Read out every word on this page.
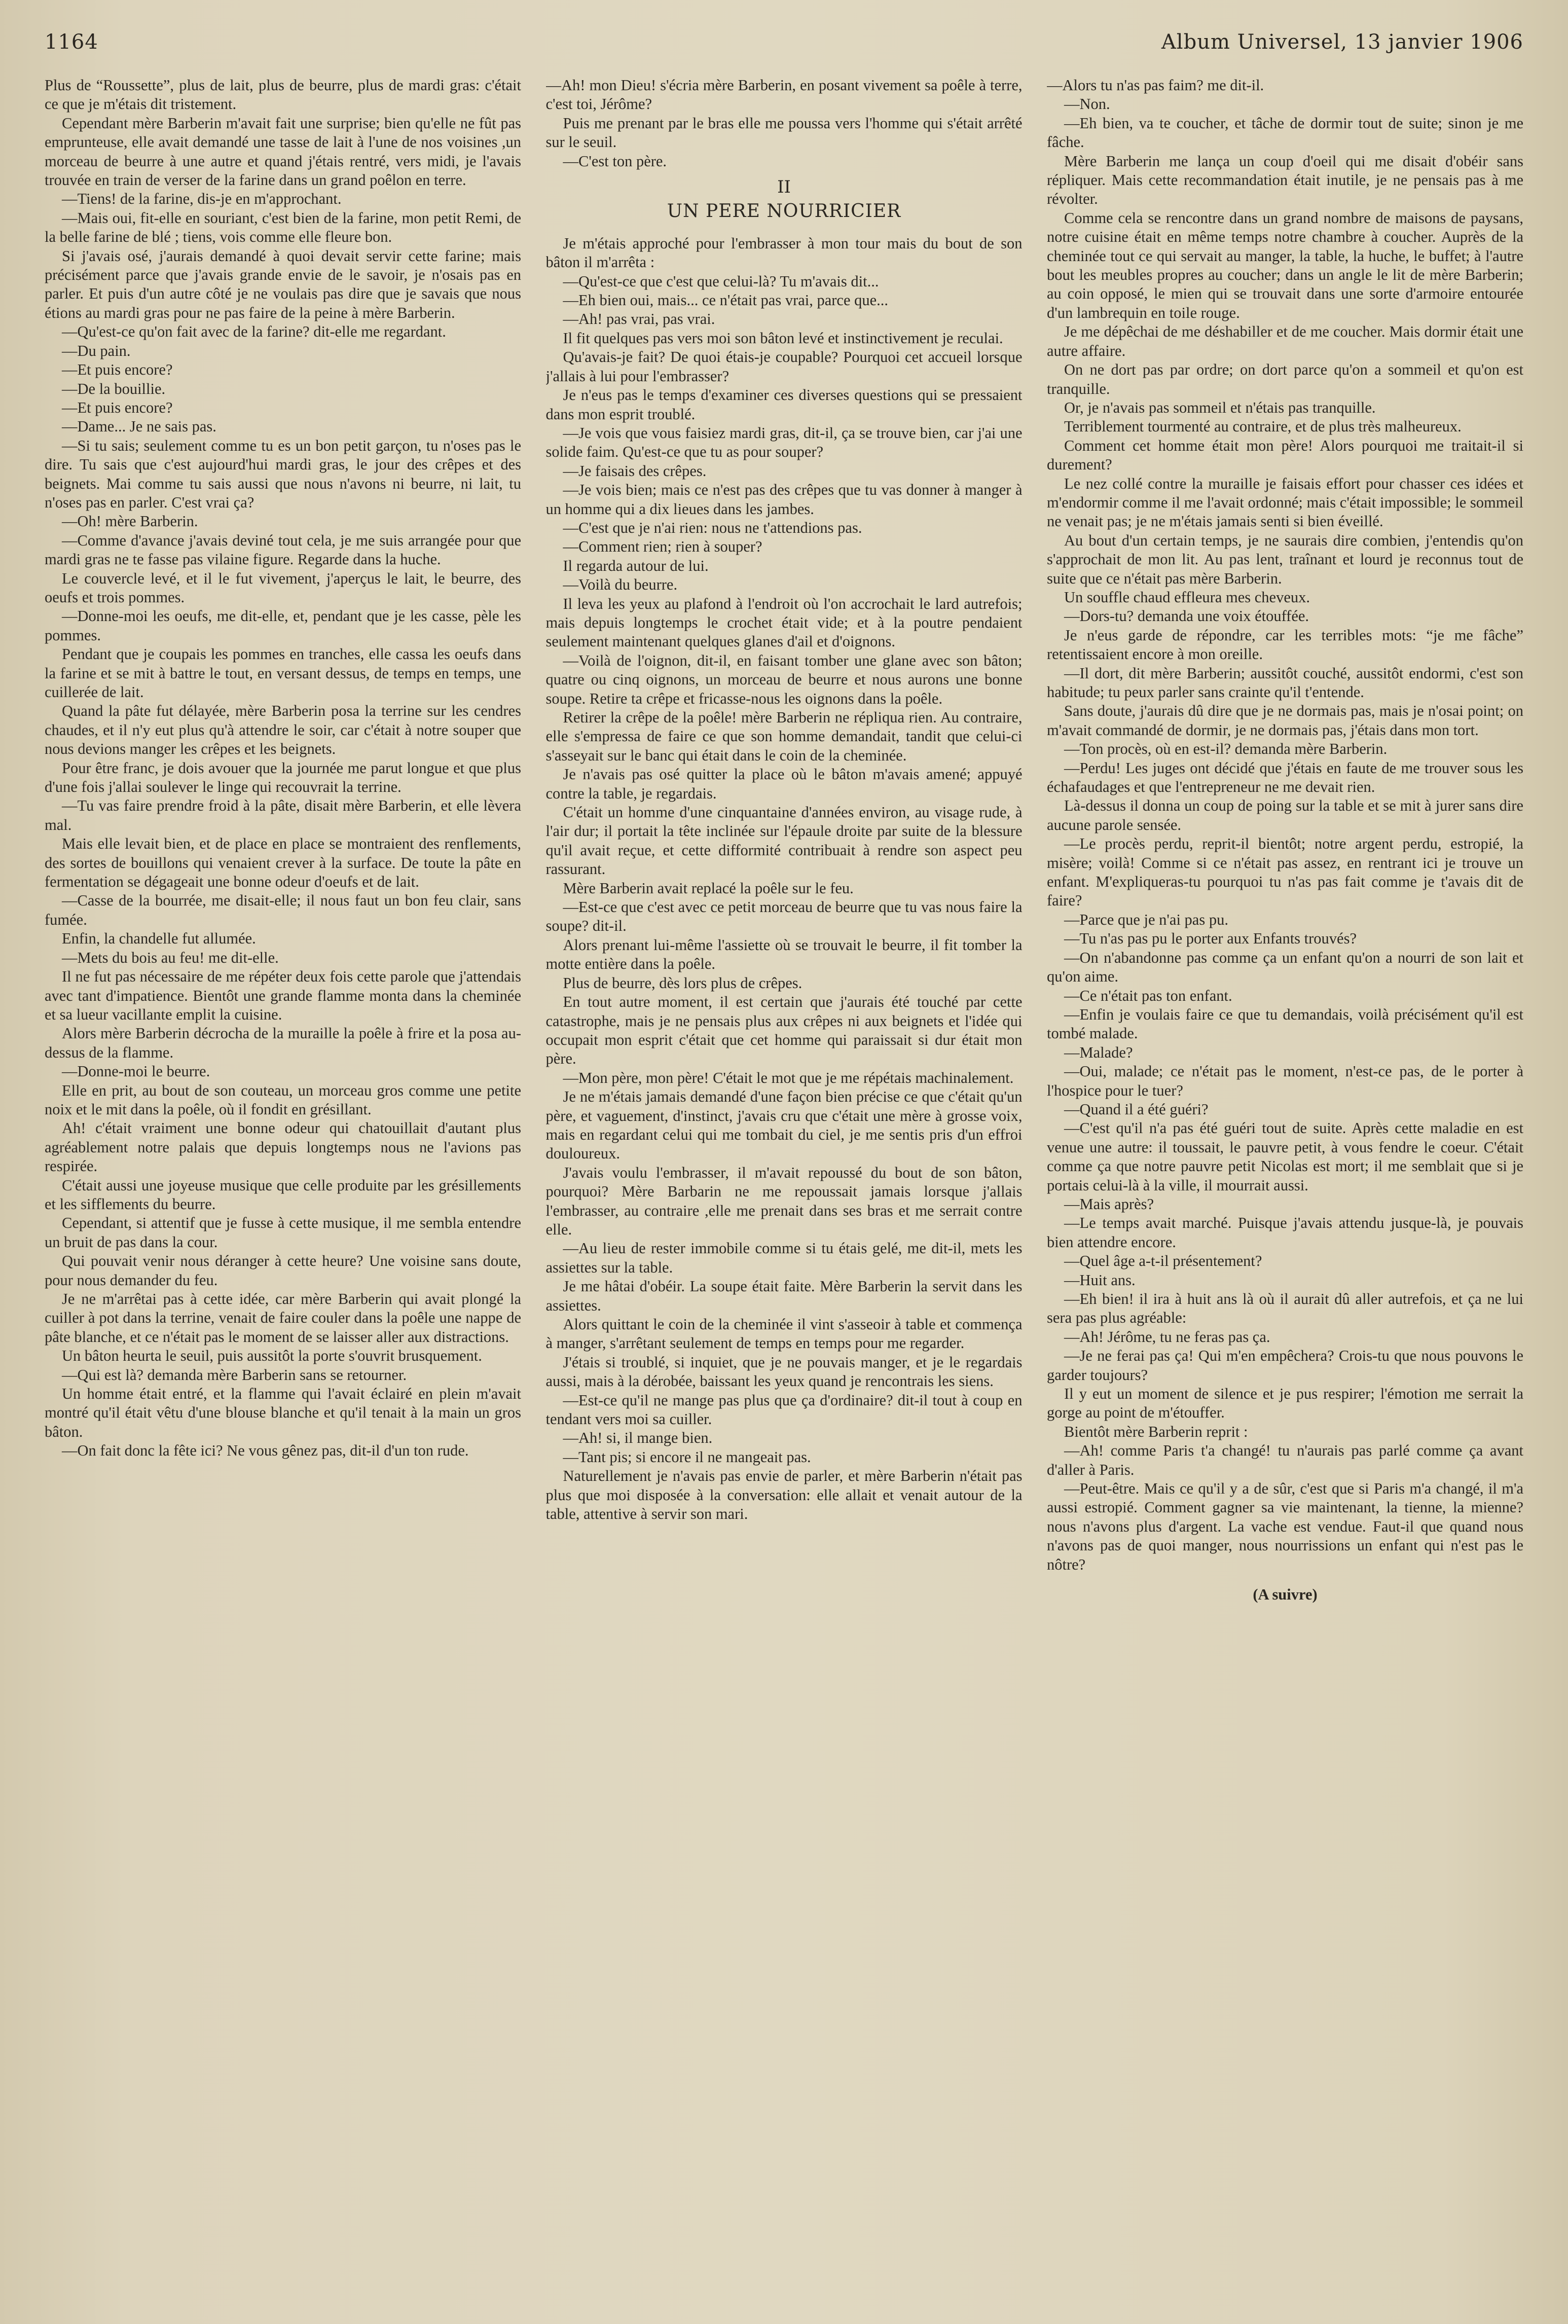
1164	Album Universel, 13 janvier 1906

Plus de “Roussette”, plus de lait, plus de beurre, plus de mardi gras: c'était ce que je m'étais dit tristement.

Cependant mère Barberin m'avait fait une surprise; bien qu'elle ne fût pas emprunteuse, elle avait demandé une tasse de lait à l'une de nos voisines ,un morceau de beurre à une autre et quand j'étais rentré, vers midi, je l'avais trouvée en train de verser de la farine dans un grand poêlon en terre.

—Tiens! de la farine, dis-je en m'approchant.

—Mais oui, fit-elle en souriant, c'est bien de la farine, mon petit Remi, de la belle farine de blé ; tiens, vois comme elle fleure bon.

Si j'avais osé, j'aurais demandé à quoi devait servir cette farine; mais précisément parce que j'avais grande envie de le savoir, je n'osais pas en parler. Et puis d'un autre côté je ne voulais pas dire que je savais que nous étions au mardi gras pour ne pas faire de la peine à mère Barberin.

—Qu'est-ce qu'on fait avec de la farine? dit-elle me regardant.

—Du pain.

—Et puis encore?

—De la bouillie.

—Et puis encore?

—Dame... Je ne sais pas.

—Si tu sais; seulement comme tu es un bon petit garçon, tu n'oses pas le dire. Tu sais que c'est aujourd'hui mardi gras, le jour des crêpes et des beignets. Mai comme tu sais aussi que nous n'avons ni beurre, ni lait, tu n'oses pas en parler. C'est vrai ça?

—Oh! mère Barberin.

—Comme d'avance j'avais deviné tout cela, je me suis arrangée pour que mardi gras ne te fasse pas vilaine figure. Regarde dans la huche.

Le couvercle levé, et il le fut vivement, j'aperçus le lait, le beurre, des oeufs et trois pommes.

—Donne-moi les oeufs, me dit-elle, et, pendant que je les casse, pèle les pommes.

Pendant que je coupais les pommes en tranches, elle cassa les oeufs dans la farine et se mit à battre le tout, en versant dessus, de temps en temps, une cuillerée de lait.

Quand la pâte fut délayée, mère Barberin posa la terrine sur les cendres chaudes, et il n'y eut plus qu'à attendre le soir, car c'était à notre souper que nous devions manger les crêpes et les beignets.

Pour être franc, je dois avouer que la journée me parut longue et que plus d'une fois j'allai soulever le linge qui recouvrait la terrine.

—Tu vas faire prendre froid à la pâte, disait mère Barberin, et elle lèvera mal.

Mais elle levait bien, et de place en place se montraient des renflements, des sortes de bouillons qui venaient crever à la surface. De toute la pâte en fermentation se dégageait une bonne odeur d'oeufs et de lait.

—Casse de la bourrée, me disait-elle; il nous faut un bon feu clair, sans fumée.

Enfin, la chandelle fut allumée.

—Mets du bois au feu! me dit-elle.

Il ne fut pas nécessaire de me répéter deux fois cette parole que j'attendais avec tant d'impatience. Bientôt une grande flamme monta dans la cheminée et sa lueur vacillante emplit la cuisine.

Alors mère Barberin décrocha de la muraille la poêle à frire et la posa au-dessus de la flamme.

—Donne-moi le beurre.

Elle en prit, au bout de son couteau, un morceau gros comme une petite noix et le mit dans la poêle, où il fondit en grésillant.

Ah! c'était vraiment une bonne odeur qui chatouillait d'autant plus agréablement notre palais que depuis longtemps nous ne l'avions pas respirée.

C'était aussi une joyeuse musique que celle produite par les grésillements et les sifflements du beurre.

Cependant, si attentif que je fusse à cette musique, il me sembla entendre un bruit de pas dans la cour.

Qui pouvait venir nous déranger à cette heure? Une voisine sans doute, pour nous demander du feu.

Je ne m'arrêtai pas à cette idée, car mère Barberin qui avait plongé la cuiller à pot dans la terrine, venait de faire couler dans la poêle une nappe de pâte blanche, et ce n'était pas le moment de se laisser aller aux distractions.

Un bâton heurta le seuil, puis aussitôt la porte s'ouvrit brusquement.

—Qui est là? demanda mère Barberin sans se retourner.

Un homme était entré, et la flamme qui l'avait éclairé en plein m'avait montré qu'il était vêtu d'une blouse blanche et qu'il tenait à la main un gros bâton.

—On fait donc la fête ici? Ne vous gênez pas, dit-il d'un ton rude.

—Ah! mon Dieu! s'écria mère Barberin, en posant vivement sa poêle à terre, c'est toi, Jérôme?

Puis me prenant par le bras elle me poussa vers l'homme qui s'était arrêté sur le seuil.

—C'est ton père.

II

UN PERE NOURRICIER

Je m'étais approché pour l'embrasser à mon tour mais du bout de son bâton il m'arrêta :

—Qu'est-ce que c'est que celui-là? Tu m'avais dit...

—Eh bien oui, mais... ce n'était pas vrai, parce que...

—Ah! pas vrai, pas vrai.

Il fit quelques pas vers moi son bâton levé et instinctivement je reculai.

Qu'avais-je fait? De quoi étais-je coupable? Pourquoi cet accueil lorsque j'allais à lui pour l'embrasser?

Je n'eus pas le temps d'examiner ces diverses questions qui se pressaient dans mon esprit troublé.

—Je vois que vous faisiez mardi gras, dit-il, ça se trouve bien, car j'ai une solide faim. Qu'est-ce que tu as pour souper?

—Je faisais des crêpes.

—Je vois bien; mais ce n'est pas des crêpes que tu vas donner à manger à un homme qui a dix lieues dans les jambes.

—C'est que je n'ai rien: nous ne t'attendions pas.

—Comment rien; rien à souper?

Il regarda autour de lui.

—Voilà du beurre.

Il leva les yeux au plafond à l'endroit où l'on accrochait le lard autrefois; mais depuis longtemps le crochet était vide; et à la poutre pendaient seulement maintenant quelques glanes d'ail et d'oignons.

—Voilà de l'oignon, dit-il, en faisant tomber une glane avec son bâton; quatre ou cinq oignons, un morceau de beurre et nous aurons une bonne soupe. Retire ta crêpe et fricasse-nous les oignons dans la poêle.

Retirer la crêpe de la poêle! mère Barberin ne répliqua rien. Au contraire, elle s'empressa de faire ce que son homme demandait, tandit que celui-ci s'asseyait sur le banc qui était dans le coin de la cheminée.

Je n'avais pas osé quitter la place où le bâton m'avais amené; appuyé contre la table, je regardais.

C'était un homme d'une cinquantaine d'années environ, au visage rude, à l'air dur; il portait la tête inclinée sur l'épaule droite par suite de la blessure qu'il avait reçue, et cette difformité contribuait à rendre son aspect peu rassurant.

Mère Barberin avait replacé la poêle sur le feu.

—Est-ce que c'est avec ce petit morceau de beurre que tu vas nous faire la soupe? dit-il.

Alors prenant lui-même l'assiette où se trouvait le beurre, il fit tomber la motte entière dans la poêle.

Plus de beurre, dès lors plus de crêpes.

En tout autre moment, il est certain que j'aurais été touché par cette catastrophe, mais je ne pensais plus aux crêpes ni aux beignets et l'idée qui occupait mon esprit c'était que cet homme qui paraissait si dur était mon père.

—Mon père, mon père! C'était le mot que je me répétais machinalement.

Je ne m'étais jamais demandé d'une façon bien précise ce que c'était qu'un père, et vaguement, d'instinct, j'avais cru que c'était une mère à grosse voix, mais en regardant celui qui me tombait du ciel, je me sentis pris d'un effroi douloureux.

J'avais voulu l'embrasser, il m'avait repoussé du bout de son bâton, pourquoi? Mère Barbarin ne me repoussait jamais lorsque j'allais l'embrasser, au contraire ,elle me prenait dans ses bras et me serrait contre elle.

—Au lieu de rester immobile comme si tu étais gelé, me dit-il, mets les assiettes sur la table.

Je me hâtai d'obéir. La soupe était faite. Mère Barberin la servit dans les assiettes.

Alors quittant le coin de la cheminée il vint s'asseoir à table et commença à manger, s'arrêtant seulement de temps en temps pour me regarder.

J'étais si troublé, si inquiet, que je ne pouvais manger, et je le regardais aussi, mais à la dérobée, baissant les yeux quand je rencontrais les siens.

—Est-ce qu'il ne mange pas plus que ça d'ordinaire? dit-il tout à coup en tendant vers moi sa cuiller.

—Ah! si, il mange bien.

—Tant pis; si encore il ne mangeait pas.

Naturellement je n'avais pas envie de parler, et mère Barberin n'était pas plus que moi disposée à la conversation: elle allait et venait autour de la table, attentive à servir son mari.

—Alors tu n'as pas faim? me dit-il.

—Non.

—Eh bien, va te coucher, et tâche de dormir tout de suite; sinon je me fâche.

Mère Barberin me lança un coup d'oeil qui me disait d'obéir sans répliquer. Mais cette recommandation était inutile, je ne pensais pas à me révolter.

Comme cela se rencontre dans un grand nombre de maisons de paysans, notre cuisine était en même temps notre chambre à coucher. Auprès de la cheminée tout ce qui servait au manger, la table, la huche, le buffet; à l'autre bout les meubles propres au coucher; dans un angle le lit de mère Barberin; au coin opposé, le mien qui se trouvait dans une sorte d'armoire entourée d'un lambrequin en toile rouge.

Je me dépêchai de me déshabiller et de me coucher. Mais dormir était une autre affaire.

On ne dort pas par ordre; on dort parce qu'on a sommeil et qu'on est tranquille.

Or, je n'avais pas sommeil et n'étais pas tranquille.

Terriblement tourmenté au contraire, et de plus très malheureux.

Comment cet homme était mon père! Alors pourquoi me traitait-il si durement?

Le nez collé contre la muraille je faisais effort pour chasser ces idées et m'endormir comme il me l'avait ordonné; mais c'était impossible; le sommeil ne venait pas; je ne m'étais jamais senti si bien éveillé.

Au bout d'un certain temps, je ne saurais dire combien, j'entendis qu'on s'approchait de mon lit. Au pas lent, traînant et lourd je reconnus tout de suite que ce n'était pas mère Barberin.

Un souffle chaud effleura mes cheveux.

—Dors-tu? demanda une voix étouffée.

Je n'eus garde de répondre, car les terribles mots: “je me fâche” retentissaient encore à mon oreille.

—Il dort, dit mère Barberin; aussitôt couché, aussitôt endormi, c'est son habitude; tu peux parler sans crainte qu'il t'entende.

Sans doute, j'aurais dû dire que je ne dormais pas, mais je n'osai point; on m'avait commandé de dormir, je ne dormais pas, j'étais dans mon tort.

—Ton procès, où en est-il? demanda mère Barberin.

—Perdu! Les juges ont décidé que j'étais en faute de me trouver sous les échafaudages et que l'entrepreneur ne me devait rien.

Là-dessus il donna un coup de poing sur la table et se mit à jurer sans dire aucune parole sensée.

—Le procès perdu, reprit-il bientôt; notre argent perdu, estropié, la misère; voilà! Comme si ce n'était pas assez, en rentrant ici je trouve un enfant. M'expliqueras-tu pourquoi tu n'as pas fait comme je t'avais dit de faire?

—Parce que je n'ai pas pu.

—Tu n'as pas pu le porter aux Enfants trouvés?

—On n'abandonne pas comme ça un enfant qu'on a nourri de son lait et qu'on aime.

—Ce n'était pas ton enfant.

—Enfin je voulais faire ce que tu demandais, voilà précisément qu'il est tombé malade.

—Malade?

—Oui, malade; ce n'était pas le moment, n'est-ce pas, de le porter à l'hospice pour le tuer?

—Quand il a été guéri?

—C'est qu'il n'a pas été guéri tout de suite. Après cette maladie en est venue une autre: il toussait, le pauvre petit, à vous fendre le coeur. C'était comme ça que notre pauvre petit Nicolas est mort; il me semblait que si je portais celui-là à la ville, il mourrait aussi.

—Mais après?

—Le temps avait marché. Puisque j'avais attendu jusque-là, je pouvais bien attendre encore.

—Quel âge a-t-il présentement?

—Huit ans.

—Eh bien! il ira à huit ans là où il aurait dû aller autrefois, et ça ne lui sera pas plus agréable:

—Ah! Jérôme, tu ne feras pas ça.

—Je ne ferai pas ça! Qui m'en empêchera? Crois-tu que nous pouvons le garder toujours?

Il y eut un moment de silence et je pus respirer; l'émotion me serrait la gorge au point de m'étouffer.

Bientôt mère Barberin reprit :

—Ah! comme Paris t'a changé! tu n'aurais pas parlé comme ça avant d'aller à Paris.

—Peut-être. Mais ce qu'il y a de sûr, c'est que si Paris m'a changé, il m'a aussi estropié. Comment gagner sa vie maintenant, la tienne, la mienne? nous n'avons plus d'argent. La vache est vendue. Faut-il que quand nous n'avons pas de quoi manger, nous nourrissions un enfant qui n'est pas le nôtre?

(A suivre)
